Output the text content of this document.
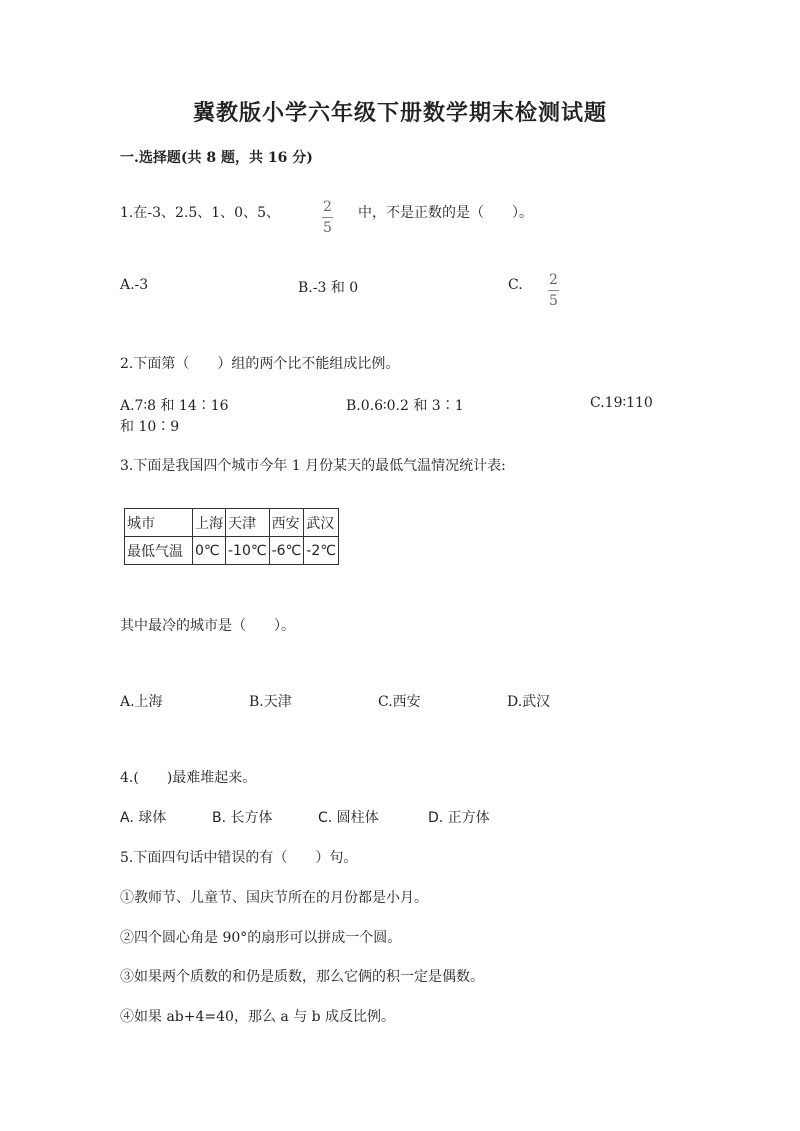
冀教版小学六年级下册数学期末检测试题
一.选择题(共 8 题，共 16 分)
1.在-3、2.5、1、0、5、	$\frac{2}{5}$ 中，不是正数的是（　　）。
A.-3	B.-3 和 0	C. $\frac{2}{5}$
2.下面第（　　）组的两个比不能组成比例。
A.7∶8 和 14∶16	B.0.6∶0.2 和 3∶1	C.19∶110
和 10∶9
3.下面是我国四个城市今年 1 月份某天的最低气温情况统计表:
城市	上海	天津	西安	武汉
最低气温	0℃	-10℃	-6℃	-2℃
其中最冷的城市是（　　）。
A.上海	B.天津	C.西安	D.武汉
4.(　　)最难堆起来。
A. 球体	B. 长方体	C. 圆柱体	D. 正方体
5.下面四句话中错误的有（　　）句。
①教师节、儿童节、国庆节所在的月份都是小月。
②四个圆心角是 90°的扇形可以拼成一个圆。
③如果两个质数的和仍是质数，那么它俩的积一定是偶数。
④如果 ab+4=40，那么 a 与 b 成反比例。
